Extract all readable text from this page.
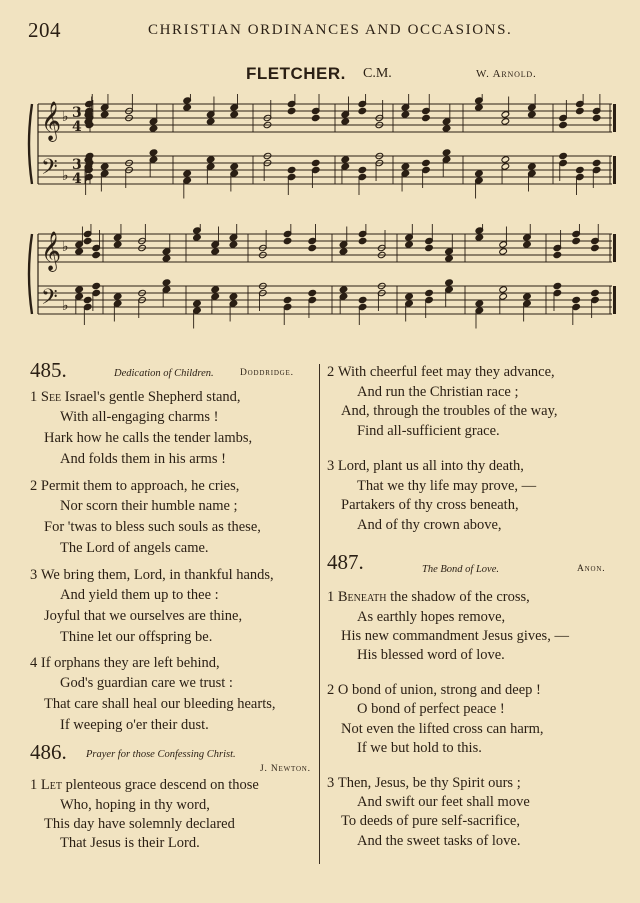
204	CHRISTIAN ORDINANCES AND OCCASIONS.
FLETCHER. C.M.	W. Arnold.
𝄞
𝄢
♭
♭
3
3
4
4
𝄞
𝄢
♭
♭
485.	Dedication of Children.	Doddridge.
1 See Israel's gentle Shepherd stand,
With all-engaging charms !
Hark how he calls the tender lambs,
And folds them in his arms !
2 Permit them to approach, he cries,
Nor scorn their humble name ;
For 'twas to bless such souls as these,
The Lord of angels came.
3 We bring them, Lord, in thankful hands,
And yield them up to thee :
Joyful that we ourselves are thine,
Thine let our offspring be.
4 If orphans they are left behind,
God's guardian care we trust :
That care shall heal our bleeding hearts,
If weeping o'er their dust.
486. Prayer for those Confessing Christ.
J. Newton.
1 Let plenteous grace descend on those
Who, hoping in thy word,
This day have solemnly declared
That Jesus is their Lord.
2 With cheerful feet may they advance,
And run the Christian race ;
And, through the troubles of the way,
Find all-sufficient grace.
3 Lord, plant us all into thy death,
That we thy life may prove, —
Partakers of thy cross beneath,
And of thy crown above,
487.	The Bond of Love.	Anon.
1 Beneath the shadow of the cross,
As earthly hopes remove,
His new commandment Jesus gives, —
His blessed word of love.
2 O bond of union, strong and deep !
O bond of perfect peace !
Not even the lifted cross can harm,
If we but hold to this.
3 Then, Jesus, be thy Spirit ours ;
And swift our feet shall move
To deeds of pure self-sacrifice,
And the sweet tasks of love.
